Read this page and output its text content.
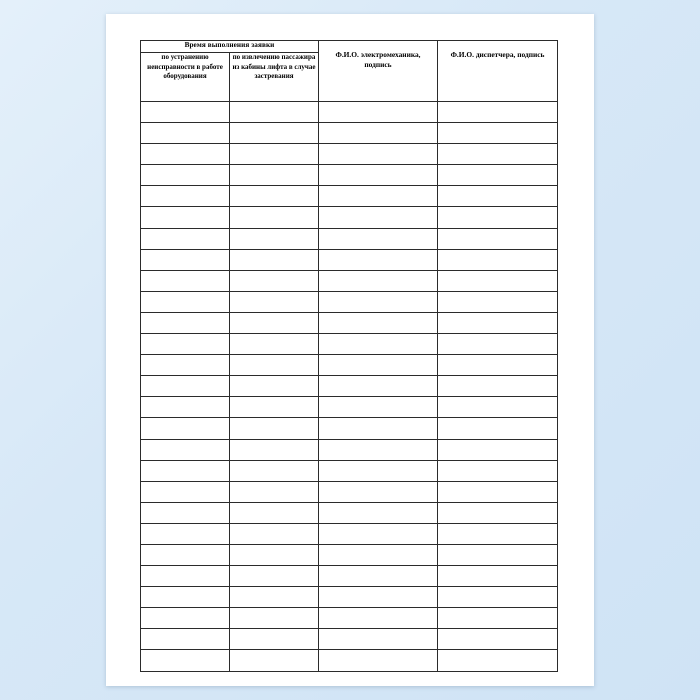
Время выполнения заявки		Ф.И.О. электромеханика, подпись	Ф.И.О. диспетчера, подпись

по устранению неисправности в работе оборудования	по извлечению пассажира из кабины лифта в случае застревания		
